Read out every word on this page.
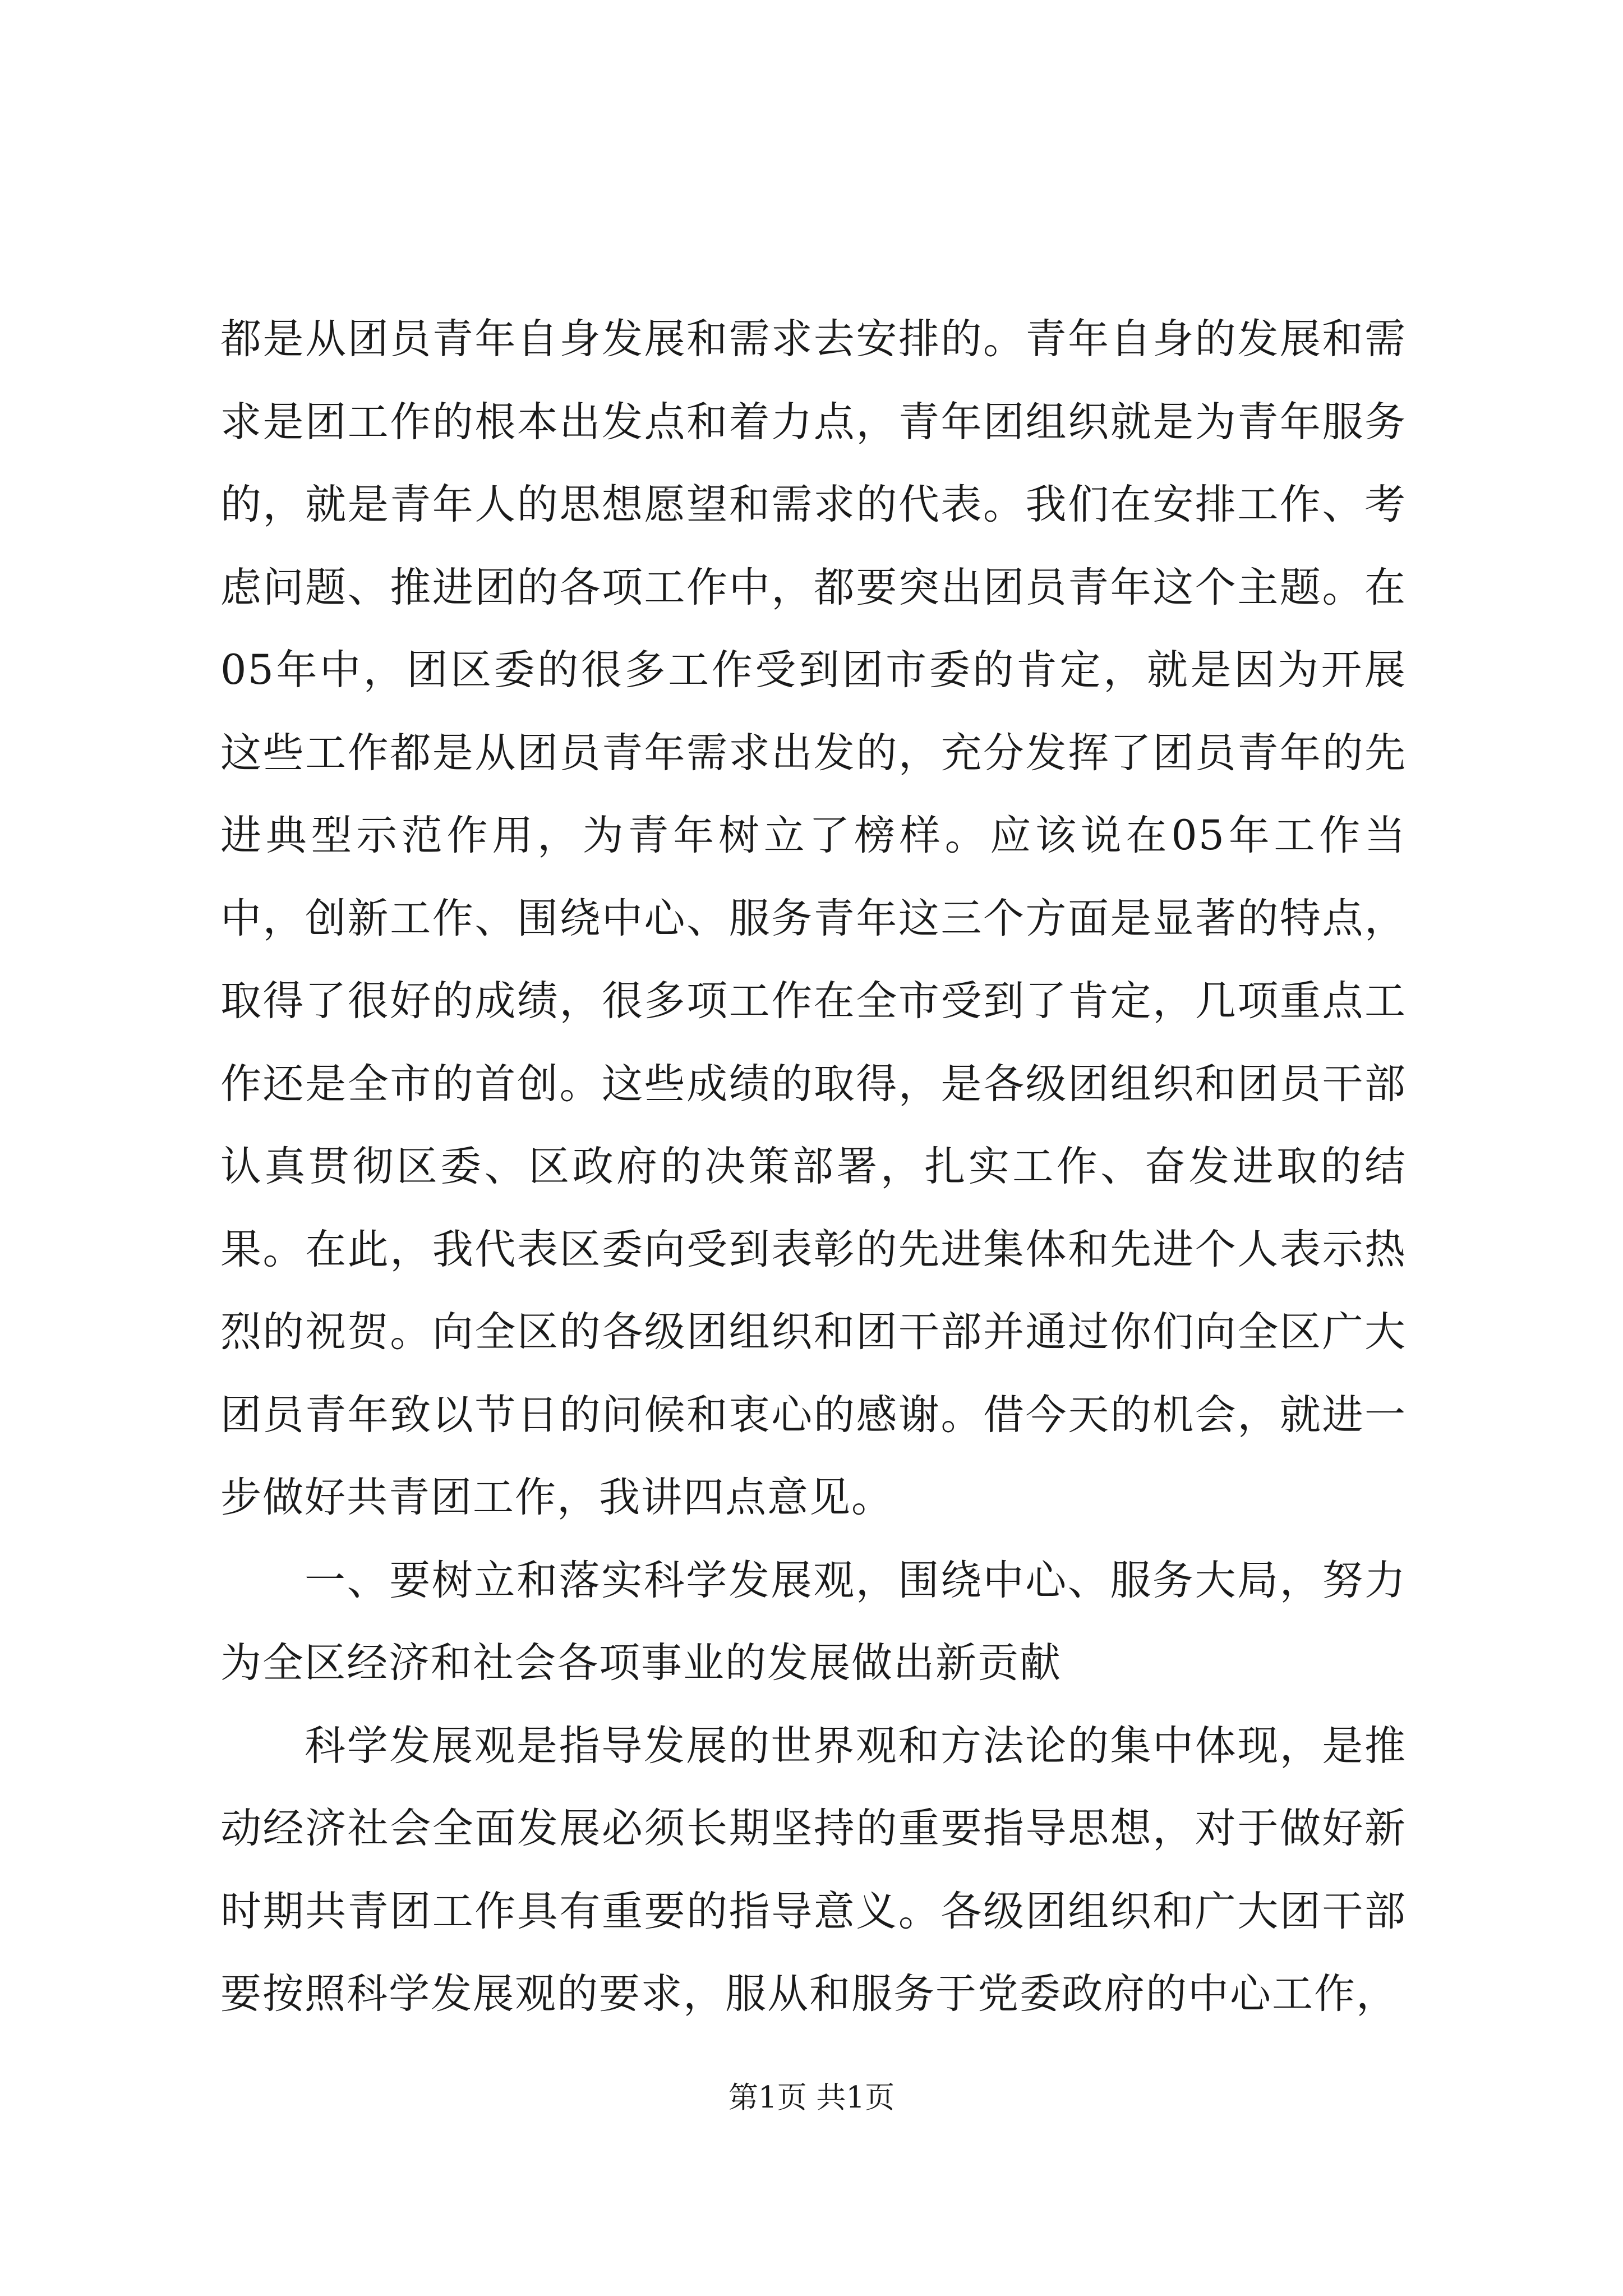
都是从团员青年自身发展和需求去安排的。青年自身的发展和需求是团工作的根本出发点和着力点，青年团组织就是为青年服务的，就是青年人的思想愿望和需求的代表。我们在安排工作、考虑问题、推进团的各项工作中，都要突出团员青年这个主题。在05年中，团区委的很多工作受到团市委的肯定，就是因为开展这些工作都是从团员青年需求出发的，充分发挥了团员青年的先进典型示范作用，为青年树立了榜样。应该说在05年工作当中，创新工作、围绕中心、服务青年这三个方面是显著的特点，取得了很好的成绩，很多项工作在全市受到了肯定，几项重点工作还是全市的首创。这些成绩的取得，是各级团组织和团员干部认真贯彻区委、区政府的决策部署，扎实工作、奋发进取的结果。在此，我代表区委向受到表彰的先进集体和先进个人表示热烈的祝贺。向全区的各级团组织和团干部并通过你们向全区广大团员青年致以节日的问候和衷心的感谢。借今天的机会，就进一步做好共青团工作，我讲四点意见。

一、要树立和落实科学发展观，围绕中心、服务大局，努力为全区经济和社会各项事业的发展做出新贡献

科学发展观是指导发展的世界观和方法论的集中体现，是推动经济社会全面发展必须长期坚持的重要指导思想，对于做好新时期共青团工作具有重要的指导意义。各级团组织和广大团干部要按照科学发展观的要求，服从和服务于党委政府的中心工作，

第1页 共1页
